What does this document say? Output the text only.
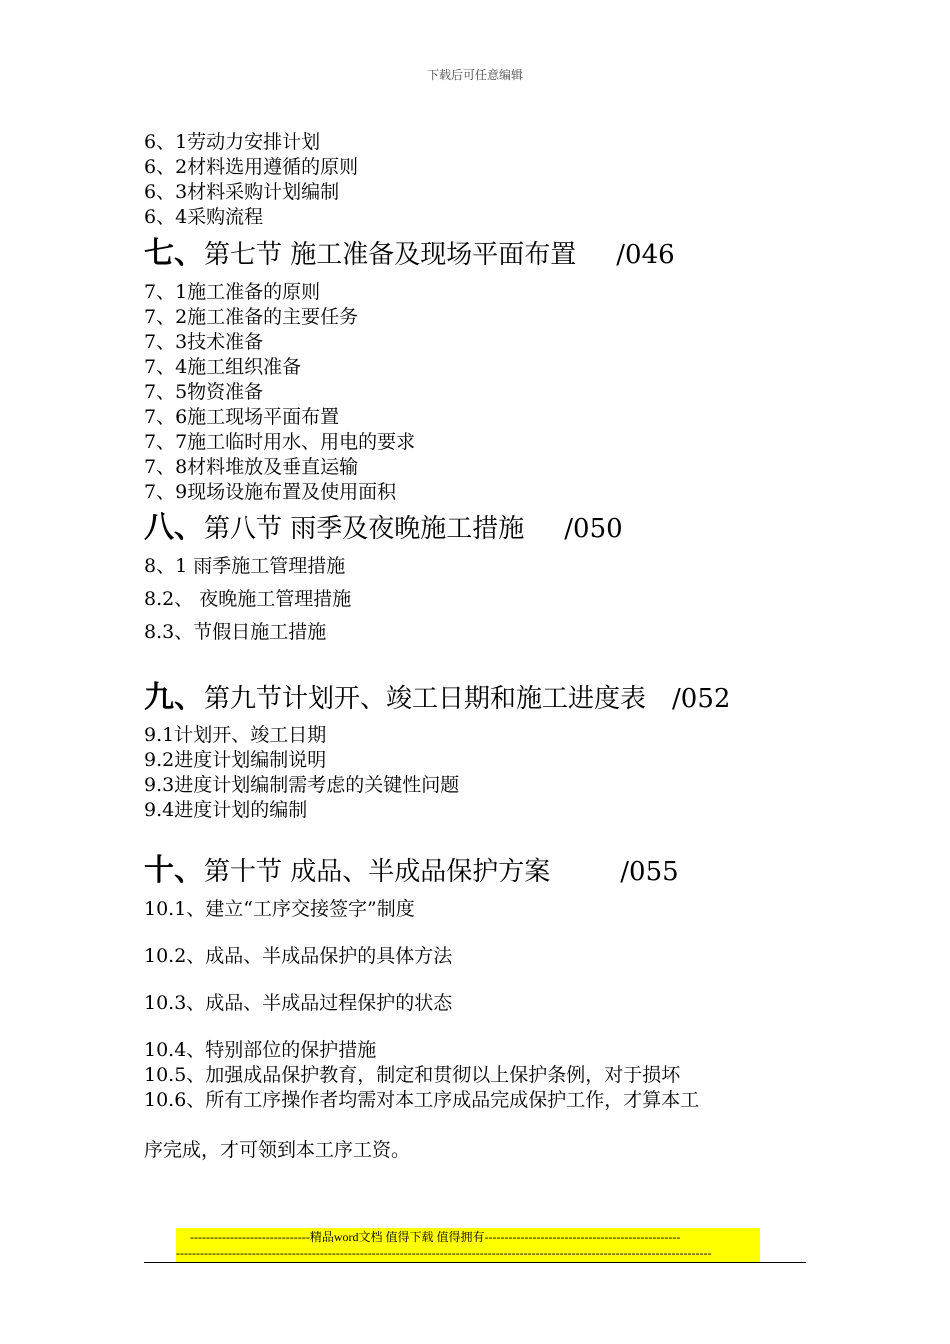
下载后可任意编辑
6、1劳动力安排计划
6、2材料选用遵循的原则
6、3材料采购计划编制
6、4采购流程
七、第七节 施工准备及现场平面布置 /046
7、1施工准备的原则
7、2施工准备的主要任务
7、3技术准备
7、4施工组织准备
7、5物资准备
7、6施工现场平面布置
7、7施工临时用水、用电的要求
7、8材料堆放及垂直运输
7、9现场设施布置及使用面积
八、第八节 雨季及夜晚施工措施 /050
8、1 雨季施工管理措施
8.2、 夜晚施工管理措施
8.3、节假日施工措施
九、第九节计划开、竣工日期和施工进度表 /052
9.1计划开、竣工日期
9.2进度计划编制说明
9.3进度计划编制需考虑的关键性问题
9.4进度计划的编制
十、第十节 成品、半成品保护方案	/055
10.1、建立“工序交接签字”制度
10.2、成品、半成品保护的具体方法
10.3、成品、半成品过程保护的状态
10.4、特别部位的保护措施
10.5、加强成品保护教育，制定和贯彻以上保护条例，对于损坏
10.6、所有工序操作者均需对本工序成品完成保护工作，才算本工
序完成，才可领到本工序工资。
------------------------------精品word文档 值得下载 值得拥有-------------------------------------------------
--------------------------------------------------------------------------------------------------------------------------------------
